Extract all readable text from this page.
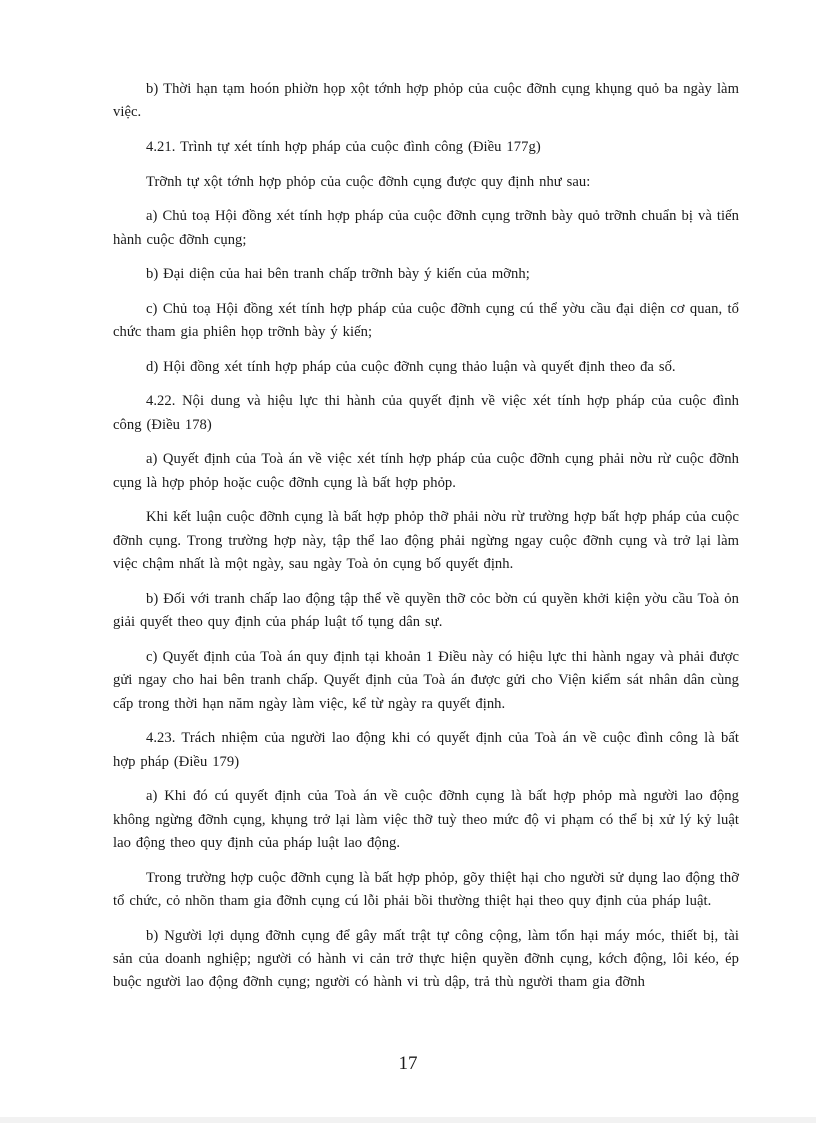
b) Thời hạn tạm hoón phiờn họp xột tớnh hợp phỏp của cuộc đỡnh cụng khụng quỏ ba ngày làm việc.

4.21. Trình tự xét tính hợp pháp của cuộc đình công (Điều 177g)

Trỡnh tự xột tớnh hợp phỏp của cuộc đỡnh cụng được quy định như sau:

a) Chủ toạ Hội đồng xét tính hợp pháp của cuộc đỡnh cụng trỡnh bày quỏ trỡnh chuẩn bị và tiến hành cuộc đỡnh cụng;

b) Đại diện của hai bên tranh chấp trỡnh bày ý kiến của mỡnh;

c) Chủ toạ Hội đồng xét tính hợp pháp của cuộc đỡnh cụng cú thể yờu cầu đại diện cơ quan, tổ chức tham gia phiên họp trỡnh bày ý kiến;

d) Hội đồng xét tính hợp pháp của cuộc đỡnh cụng thảo luận và quyết định theo đa số.

4.22. Nội dung và hiệu lực thi hành của quyết định về việc xét tính hợp pháp của cuộc đình công (Điều 178)

a) Quyết định của Toà án về việc xét tính hợp pháp của cuộc đỡnh cụng phải nờu rừ cuộc đỡnh cụng là hợp phỏp hoặc cuộc đỡnh cụng là bất hợp phỏp.

Khi kết luận cuộc đỡnh cụng là bất hợp phỏp thỡ phải nờu rừ trường hợp bất hợp pháp của cuộc đỡnh cụng. Trong trường hợp này, tập thể lao động phải ngừng ngay cuộc đỡnh cụng và trở lại làm việc chậm nhất là một ngày, sau ngày Toà ỏn cụng bố quyết định.

b) Đối với tranh chấp lao động tập thể về quyền thỡ cỏc bờn cú quyền khởi kiện yờu cầu Toà ỏn giải quyết theo quy định của pháp luật tố tụng dân sự.

c) Quyết định của Toà án quy định tại khoản 1 Điều này có hiệu lực thi hành ngay và phải được gửi ngay cho hai bên tranh chấp. Quyết định của Toà án được gửi cho Viện kiểm sát nhân dân cùng cấp trong thời hạn năm ngày làm việc, kể từ ngày ra quyết định.

4.23. Trách nhiệm của người lao động khi có quyết định của Toà án về cuộc đình công là bất hợp pháp (Điều 179)

a) Khi đó cú quyết định của Toà án về cuộc đỡnh cụng là bất hợp phỏp mà người lao động không ngừng đỡnh cụng, khụng trở lại làm việc thỡ tuỳ theo mức độ vi phạm có thể bị xử lý kỷ luật lao động theo quy định của pháp luật lao động.

Trong trường hợp cuộc đỡnh cụng là bất hợp phỏp, gõy thiệt hại cho người sử dụng lao động thỡ tổ chức, cỏ nhõn tham gia đỡnh cụng cú lỗi phải bồi thường thiệt hại theo quy định của pháp luật.

b) Người lợi dụng đỡnh cụng để gây mất trật tự công cộng, làm tổn hại máy móc, thiết bị, tài sản của doanh nghiệp; người có hành vi cản trở thực hiện quyền đỡnh cụng, kớch động, lôi kéo, ép buộc người lao động đỡnh cụng; người có hành vi trù dập, trả thù người tham gia đỡnh

17
